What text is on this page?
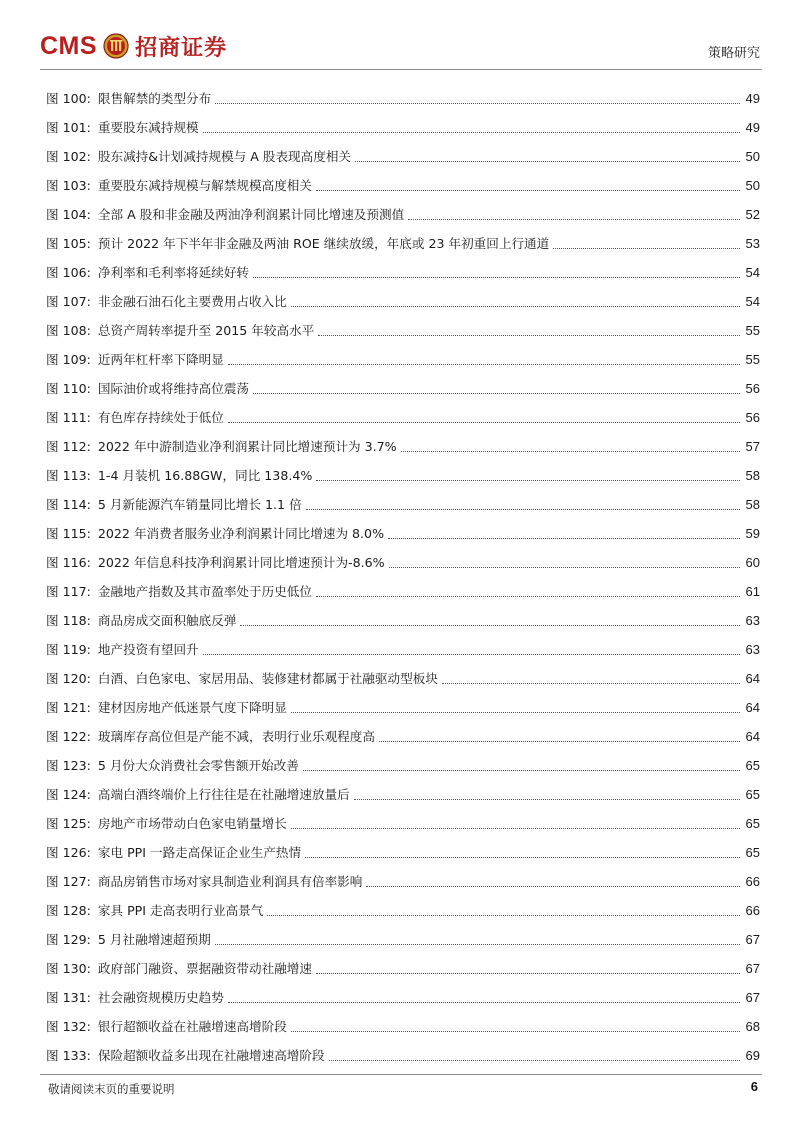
CMS 招商证券	策略研究
图 100: 限售解禁的类型分布	49
图 101: 重要股东减持规模	49
图 102: 股东减持&计划减持规模与 A 股表现高度相关	50
图 103: 重要股东减持规模与解禁规模高度相关	50
图 104: 全部 A 股和非金融及两油净利润累计同比增速及预测值	52
图 105: 预计 2022 年下半年非金融及两油 ROE 继续放缓，年底或 23 年初重回上行通道	53
图 106: 净利率和毛利率将延续好转	54
图 107: 非金融石油石化主要费用占收入比	54
图 108: 总资产周转率提升至 2015 年较高水平	55
图 109: 近两年杠杆率下降明显	55
图 110: 国际油价或将维持高位震荡	56
图 111: 有色库存持续处于低位	56
图 112: 2022 年中游制造业净利润累计同比增速预计为 3.7%	57
图 113: 1-4 月装机 16.88GW，同比 138.4%	58
图 114: 5 月新能源汽车销量同比增长 1.1 倍	58
图 115: 2022 年消费者服务业净利润累计同比增速为 8.0%	59
图 116: 2022 年信息科技净利润累计同比增速预计为-8.6%	60
图 117: 金融地产指数及其市盈率处于历史低位	61
图 118: 商品房成交面积触底反弹	63
图 119: 地产投资有望回升	63
图 120: 白酒、白色家电、家居用品、装修建材都属于社融驱动型板块	64
图 121: 建材因房地产低迷景气度下降明显	64
图 122: 玻璃库存高位但是产能不减，表明行业乐观程度高	64
图 123: 5 月份大众消费社会零售额开始改善	65
图 124: 高端白酒终端价上行往往是在社融增速放量后	65
图 125: 房地产市场带动白色家电销量增长	65
图 126: 家电 PPI 一路走高保证企业生产热情	65
图 127: 商品房销售市场对家具制造业利润具有倍率影响	66
图 128: 家具 PPI 走高表明行业高景气	66
图 129: 5 月社融增速超预期	67
图 130: 政府部门融资、票据融资带动社融增速	67
图 131: 社会融资规模历史趋势	67
图 132: 银行超额收益在社融增速高增阶段	68
图 133: 保险超额收益多出现在社融增速高增阶段	69
敬请阅读末页的重要说明	6
